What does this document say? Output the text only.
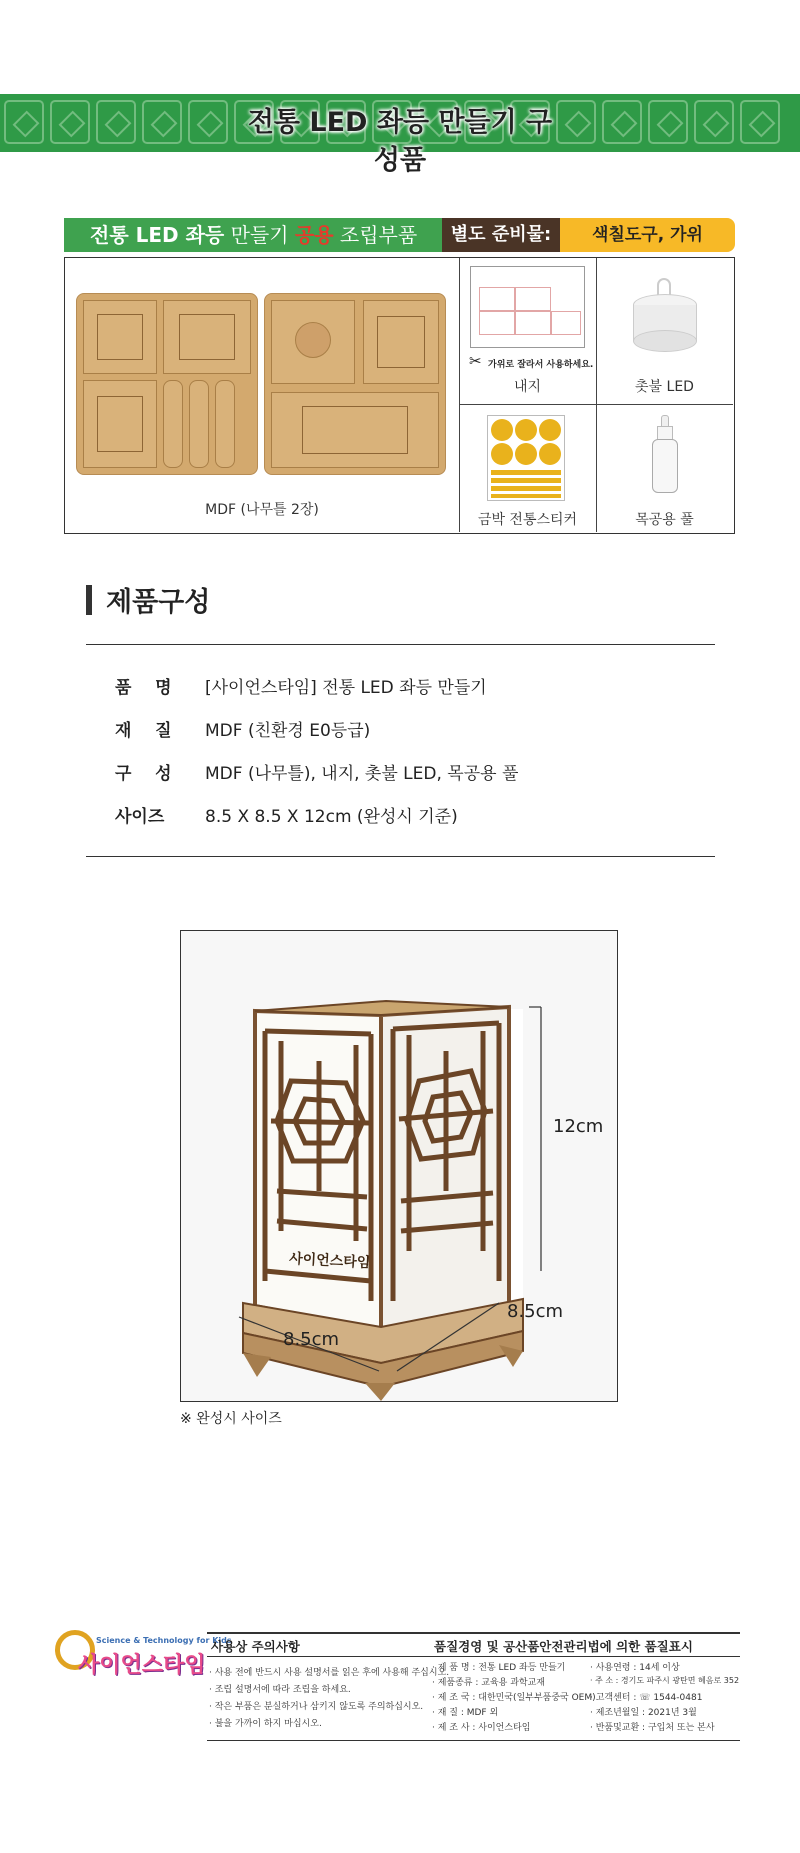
전통 LED 좌등 만들기 구성품
전통 LED 좌등 만들기 공용 조립부품	별도 준비물:	색칠도구, 가위
MDF (나무틀 2장)
✂ 가위로 잘라서 사용하세요.
내지	촛불 LED
금박 전통스티커	목공용 풀
제품구성
품    명	[사이언스타임] 전통 LED 좌등 만들기
재    질	MDF (친환경 E0등급)
구    성	MDF (나무틀), 내지, 촛불 LED, 목공용 풀
사이즈	8.5 X 8.5 X 12cm (완성시 기준)
사이언스타임
12cm
8.5cm
8.5cm
※ 완성시 사이즈
Science & Technology for Kids
사이언스타임
사용상 주의사항	품질경영 및 공산품안전관리법에 의한 품질표시
· 사용 전에 반드시 사용 설명서를 읽은 후에 사용해 주십시오.
· 조립 설명서에 따라 조립을 하세요.
· 작은 부품은 분실하거나 삼키지 않도록 주의하십시오.
· 불을 가까이 하지 마십시오.
· 제 품 명 : 전통 LED 좌등 만들기
· 제품종류 : 교육용 과학교재
· 제 조 국 : 대한민국(일부부품중국 OEM)
· 재 질 : MDF 외
· 제 조 사 : 사이언스타임
· 사용연령 : 14세 이상
· 주 소 : 경기도 파주시 광탄면 혜음로 352
· 고객센터 : ☏ 1544-0481
· 제조년월일 : 2021년 3월
· 반품및교환 : 구입처 또는 본사
